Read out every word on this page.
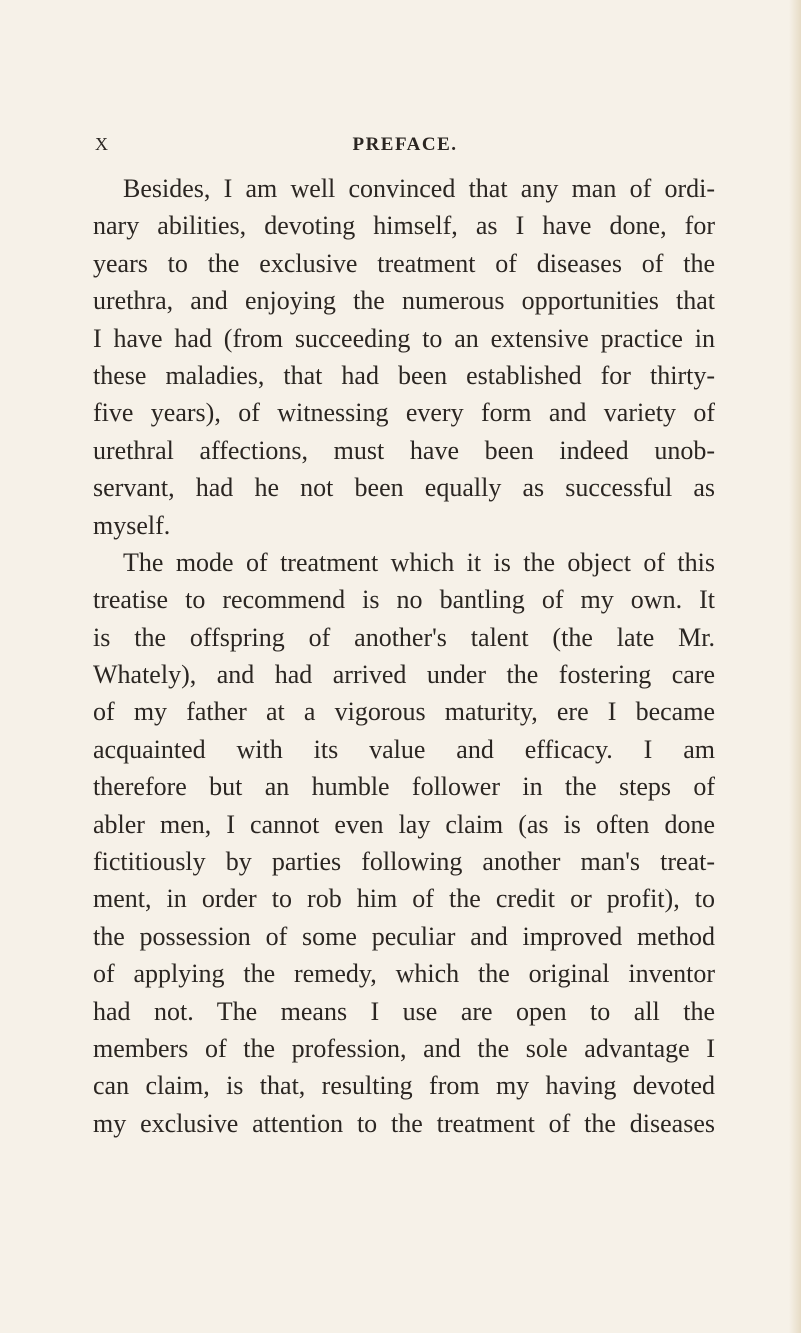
X	PREFACE.
Besides, I am well convinced that any man of ordi-
nary abilities, devoting himself, as I have done, for
years to the exclusive treatment of diseases of the
urethra, and enjoying the numerous opportunities that
I have had (from succeeding to an extensive practice in
these maladies, that had been established for thirty-
five years), of witnessing every form and variety of
urethral affections, must have been indeed unob-
servant, had he not been equally as successful as
myself.
The mode of treatment which it is the object of this
treatise to recommend is no bantling of my own. It
is the offspring of another's talent (the late Mr.
Whately), and had arrived under the fostering care
of my father at a vigorous maturity, ere I became
acquainted with its value and efficacy. I am
therefore but an humble follower in the steps of
abler men, I cannot even lay claim (as is often done
fictitiously by parties following another man's treat-
ment, in order to rob him of the credit or profit), to
the possession of some peculiar and improved method
of applying the remedy, which the original inventor
had not. The means I use are open to all the
members of the profession, and the sole advantage I
can claim, is that, resulting from my having devoted
my exclusive attention to the treatment of the diseases
